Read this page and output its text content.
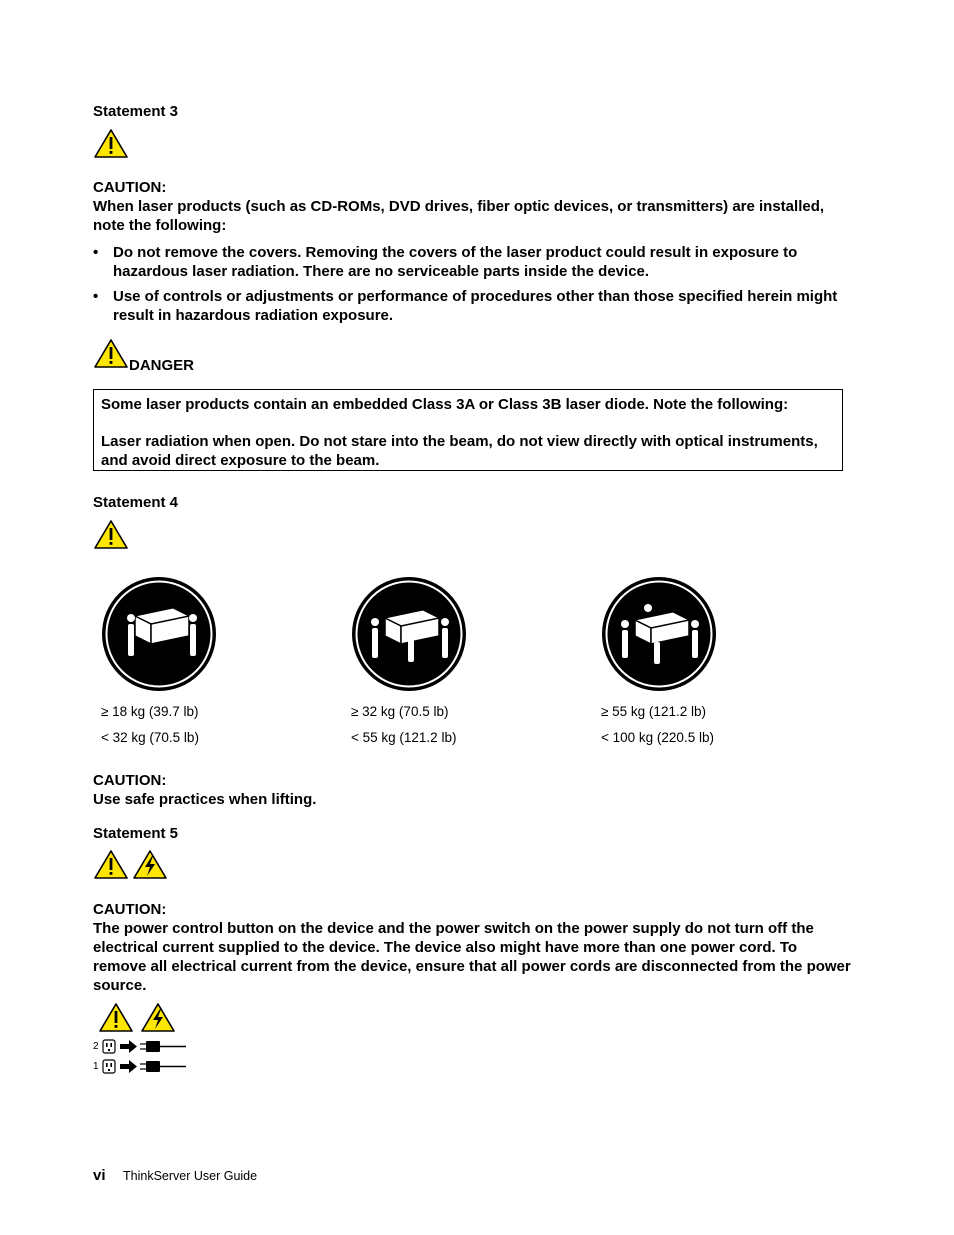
Statement 3
CAUTION:

When laser products (such as CD-ROMs, DVD drives, fiber optic devices, or transmitters) are installed, note the following:

• Do not remove the covers. Removing the covers of the laser product could result in exposure to hazardous laser radiation. There are no serviceable parts inside the device.
• Use of controls or adjustments or performance of procedures other than those specified herein might result in hazardous radiation exposure.
DANGER

Some laser products contain an embedded Class 3A or Class 3B laser diode. Note the following:

Laser radiation when open. Do not stare into the beam, do not view directly with optical instruments, and avoid direct exposure to the beam.

Statement 4
≥ 18 kg (39.7 lb)
< 32 kg (70.5 lb)
≥ 32 kg (70.5 lb)
< 55 kg (121.2 lb)
≥ 55 kg (121.2 lb)
< 100 kg (220.5 lb)
CAUTION:
Use safe practices when lifting.
Statement 5
CAUTION:

The power control button on the device and the power switch on the power supply do not turn off the electrical current supplied to the device. The device also might have more than one power cord. To remove all electrical current from the device, ensure that all power cords are disconnected from the power source.

2
1
vi ThinkServer User Guide
